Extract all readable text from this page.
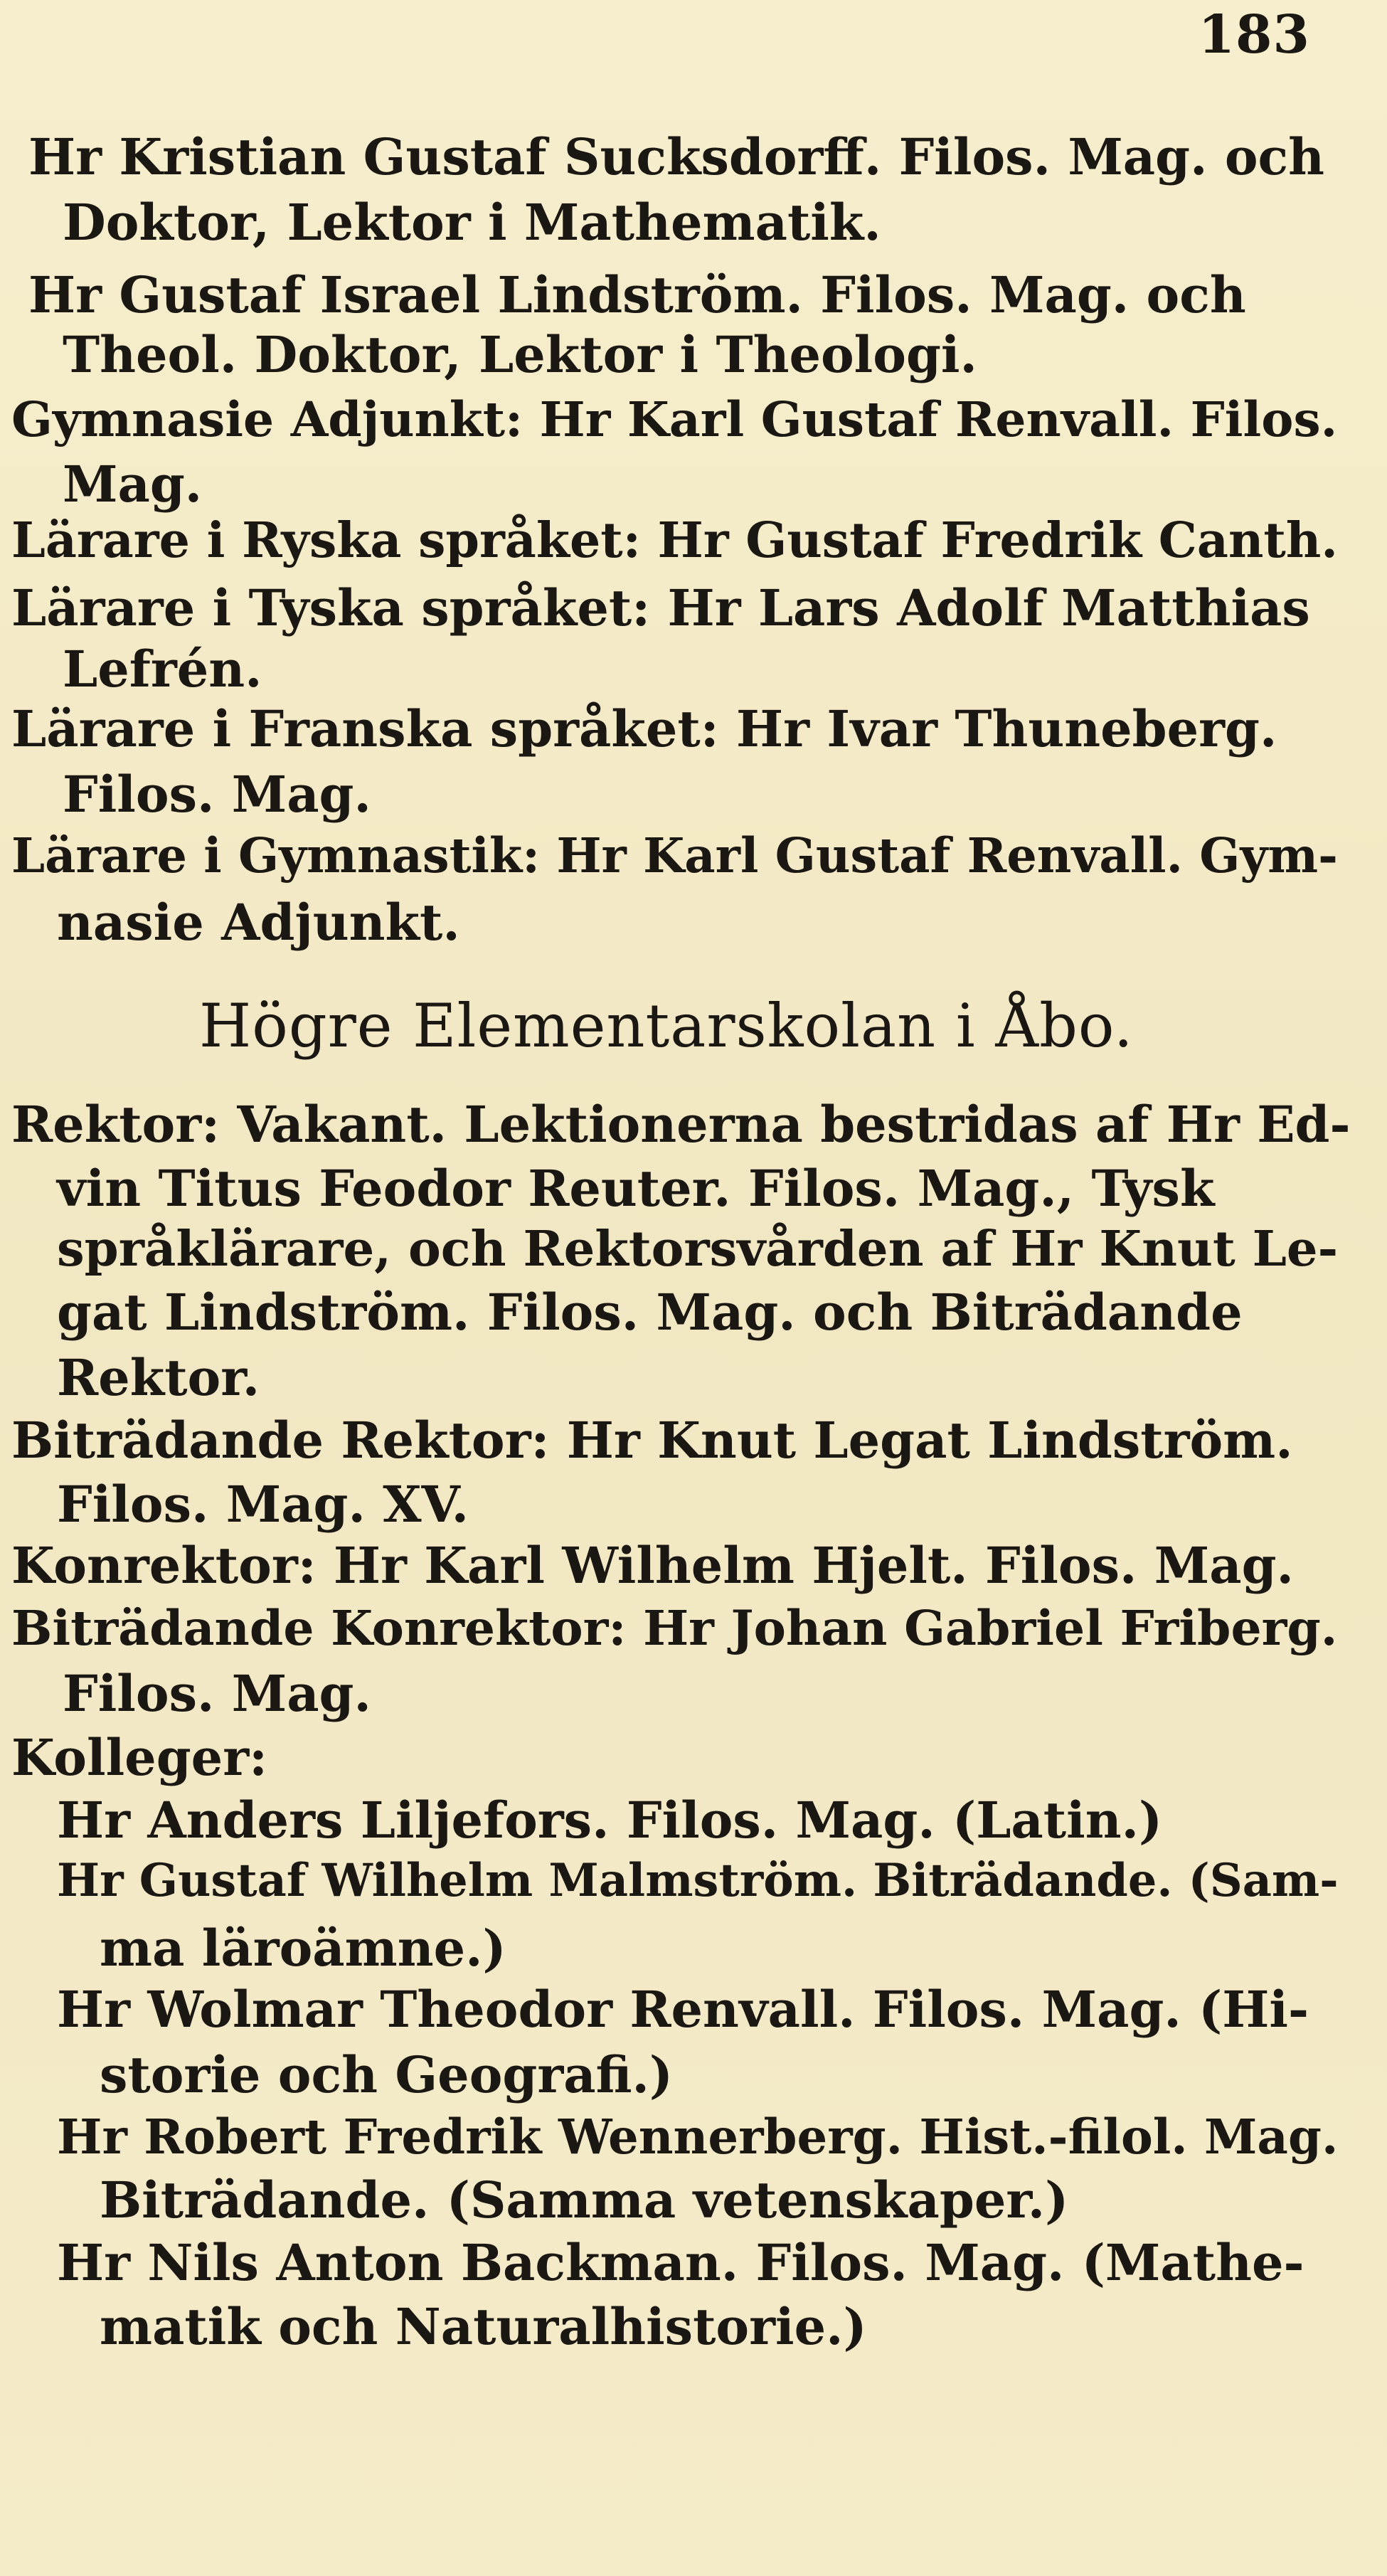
183
Hr Kristian Gustaf Sucksdorff. Filos. Mag. och
Doktor, Lektor i Mathematik.
Hr Gustaf Israel Lindström. Filos. Mag. och
Theol. Doktor, Lektor i Theologi.
Gymnasie Adjunkt: Hr Karl Gustaf Renvall. Filos.
Mag.
Lärare i Ryska språket: Hr Gustaf Fredrik Canth.
Lärare i Tyska språket: Hr Lars Adolf Matthias
Lefrén.
Lärare i Franska språket: Hr Ivar Thuneberg.
Filos. Mag.
Lärare i Gymnastik: Hr Karl Gustaf Renvall. Gym-
nasie Adjunkt.
Högre Elementarskolan i Åbo.
Rektor: Vakant. Lektionerna bestridas af Hr Ed-
vin Titus Feodor Reuter. Filos. Mag., Tysk
språklärare, och Rektorsvården af Hr Knut Le-
gat Lindström. Filos. Mag. och Biträdande
Rektor.
Biträdande Rektor: Hr Knut Legat Lindström.
Filos. Mag. XV.
Konrektor: Hr Karl Wilhelm Hjelt. Filos. Mag.
Biträdande Konrektor: Hr Johan Gabriel Friberg.
Filos. Mag.
Kolleger:
Hr Anders Liljefors. Filos. Mag. (Latin.)
Hr Gustaf Wilhelm Malmström. Biträdande. (Sam-
ma läroämne.)
Hr Wolmar Theodor Renvall. Filos. Mag. (Hi-
storie och Geografi.)
Hr Robert Fredrik Wennerberg. Hist.-filol. Mag.
Biträdande. (Samma vetenskaper.)
Hr Nils Anton Backman. Filos. Mag. (Mathe-
matik och Naturalhistorie.)
